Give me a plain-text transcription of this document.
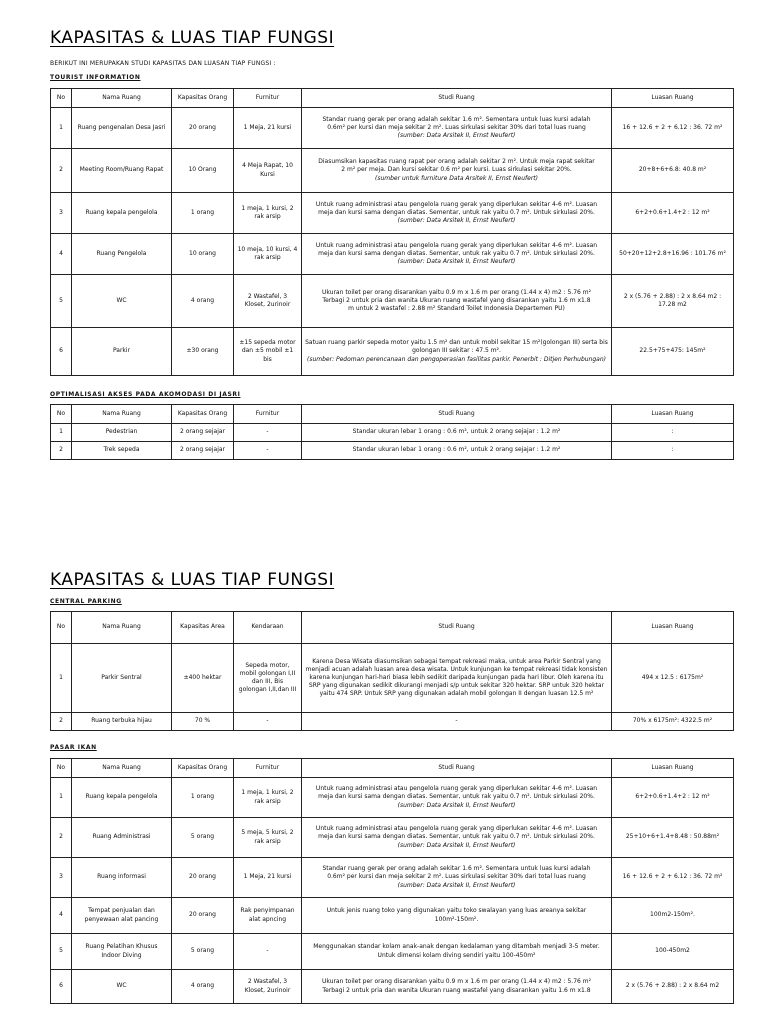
KAPASITAS & LUAS TIAP FUNGSI
BERIKUT INI MERUPAKAN STUDI KAPASITAS DAN LUASAN TIAP FUNGSI :
TOURIST INFORMATION
No	Nama Ruang	Kapasitas Orang	Furnitur	Studi Ruang	Luasan Ruang
1	Ruang pengenalan Desa Jasri	20 orang	1 Meja, 21 kursi	Standar ruang gerak per orang adalah sekitar 1.6 m². Sementara untuk luas kursi adalah
0.6m² per kursi dan meja sekitar 2 m². Luas sirkulasi sekitar 30% dari total luas ruang
(sumber: Data Arsitek II, Ernst Neufert)	16 + 12.6 + 2 + 6.12 : 36. 72 m²
2	Meeting Room/Ruang Rapat	10 Orang	4 Meja Rapat, 10 Kursi	Diasumsikan kapasitas ruang rapat per orang adalah sekitar 2 m². Untuk meja rapat sekitar
2 m² per meja. Dan kursi sekitar 0.6 m² per kursi. Luas sirkulasi sekitar 20%.
(sumber untuk furniture Data Arsitek II, Ernst Neufert)	20+8+6+6.8: 40.8 m²
3	Ruang kepala pengelola	1 orang	1 meja, 1 kursi, 2 rak arsip	Untuk ruang administrasi atau pengelola ruang gerak yang diperlukan sekitar 4-6 m². Luasan
meja dan kursi sama dengan diatas. Sementar, untuk rak yaitu 0.7 m². Untuk sirkulasi 20%.
(sumber: Data Arsitek II, Ernst Neufert)	6+2+0.6+1.4+2 : 12 m²
4	Ruang Pengelola	10 orang	10 meja, 10 kursi, 4 rak arsip	Untuk ruang administrasi atau pengelola ruang gerak yang diperlukan sekitar 4-6 m². Luasan
meja dan kursi sama dengan diatas. Sementar, untuk rak yaitu 0.7 m². Untuk sirkulasi 20%.
(sumber: Data Arsitek II, Ernst Neufert)	50+20+12+2.8+16.96 : 101.76 m²
5	WC	4 orang	2 Wastafel, 3 Kloset, 2urinoir	Ukuran toilet per orang disarankan yaitu 0.9 m x 1.6 m per orang (1.44 x 4) m2 : 5.76 m²
Terbagi 2 untuk pria dan wanita Ukuran ruang wastafel yang disarankan yaitu 1.6 m x1.8
m untuk 2 wastafel : 2.88 m² Standard Toilet Indonesia Departemen PU)	2 x (5.76 + 2.88) : 2 x 8.64 m2 : 17.28 m2
6	Parkir	±30 orang	±15 sepeda motor dan ±5 mobil ±1 bis	Satuan ruang parkir sepeda motor yaitu 1.5 m² dan untuk mobil sekitar 15 m²(golongan III) serta bis golongan III sekitar : 47.5 m².
(sumber: Pedoman perencanaan dan pengoperasian fasilitas parkir. Penerbit : Ditjen Perhubungan)	22.5+75+475: 145m²
OPTIMALISASI AKSES PADA AKOMODASI DI JASRI
No	Nama Ruang	Kapasitas Orang	Furnitur	Studi Ruang	Luasan Ruang
1	Pedestrian	2 orang sejajar	-	Standar ukuran lebar 1 orang : 0.6 m², untuk 2 orang sejajar : 1.2 m²	:
2	Trek sepeda	2 orang sejajar	-	Standar ukuran lebar 1 orang : 0.6 m², untuk 2 orang sejajar : 1.2 m²	:
KAPASITAS & LUAS TIAP FUNGSI
CENTRAL PARKING
No	Nama Ruang	Kapasitas Area	Kendaraan	Studi Ruang	Luasan Ruang
1	Parkir Sentral	±400 hektar	Sepeda motor, mobil golongan I,II dan III, Bis golongan I,II,dan III	Karena Desa Wisata diasumsikan sebagai tempat rekreasi maka, untuk area Parkir Sentral yang menjadi acuan adalah luasan area desa wisata. Untuk kunjungan ke tempat rekreasi tidak konsisten karena kunjungan hari-hari biasa lebih sedikit daripada kunjungan pada hari libur. Oleh karena itu SRP yang digunakan sedikit dikurangi menjadi s/p untuk sekitar 320 hektar. SRP untuk 320 hektar yaitu 474 SRP. Untuk SRP yang digunakan adalah mobil golongan II dengan luasan 12.5 m²	494 x 12.5 : 6175m²
2	Ruang terbuka hijau	70 %	-	-	70% x 6175m²: 4322.5 m²
PASAR IKAN
No	Nama Ruang	Kapasitas Orang	Furnitur	Studi Ruang	Luasan Ruang
1	Ruang kepala pengelola	1 orang	1 meja, 1 kursi, 2 rak arsip	Untuk ruang administrasi atau pengelola ruang gerak yang diperlukan sekitar 4-6 m². Luasan
meja dan kursi sama dengan diatas. Sementar, untuk rak yaitu 0.7 m². Untuk sirkulasi 20%.
(sumber: Data Arsitek II, Ernst Neufert)	6+2+0.6+1.4+2 : 12 m²
2	Ruang Administrasi	5 orang	5 meja, 5 kursi, 2 rak arsip	Untuk ruang administrasi atau pengelola ruang gerak yang diperlukan sekitar 4-6 m². Luasan
meja dan kursi sama dengan diatas. Sementar, untuk rak yaitu 0.7 m². Untuk sirkulasi 20%.
(sumber: Data Arsitek II, Ernst Neufert)	25+10+6+1.4+8.48 : 50.88m²
3	Ruang informasi	20 orang	1 Meja, 21 kursi	Standar ruang gerak per orang adalah sekitar 1.6 m². Sementara untuk luas kursi adalah
0.6m² per kursi dan meja sekitar 2 m². Luas sirkulasi sekitar 30% dari total luas ruang
(sumber: Data Arsitek II, Ernst Neufert)	16 + 12.6 + 2 + 6.12 : 36. 72 m²
4	Tempat penjualan dan penyewaan alat pancing	20 orang	Rak penyimpanan alat apncing	Untuk jenis ruang toko yang digunakan yaitu toko swalayan yang luas areanya sekitar 100m²-150m².	100m2-150m².
5	Ruang Pelatihan Khusus Indoor Diving	5 orang	-	Menggunakan standar kolam anak-anak dengan kedalaman yang ditambah menjadi 3-5 meter. Untuk dimensi kolam diving sendiri yaitu 100-450m²	100-450m2
6	WC	4 orang	2 Wastafel, 3 Kloset, 2urinoir	Ukuran toilet per orang disarankan yaitu 0.9 m x 1.6 m per orang (1.44 x 4) m2 : 5.76 m²
Terbagi 2 untuk pria dan wanita Ukuran ruang wastafel yang disarankan yaitu 1.6 m x1.8	2 x (5.76 + 2.88) : 2 x 8.64 m2
